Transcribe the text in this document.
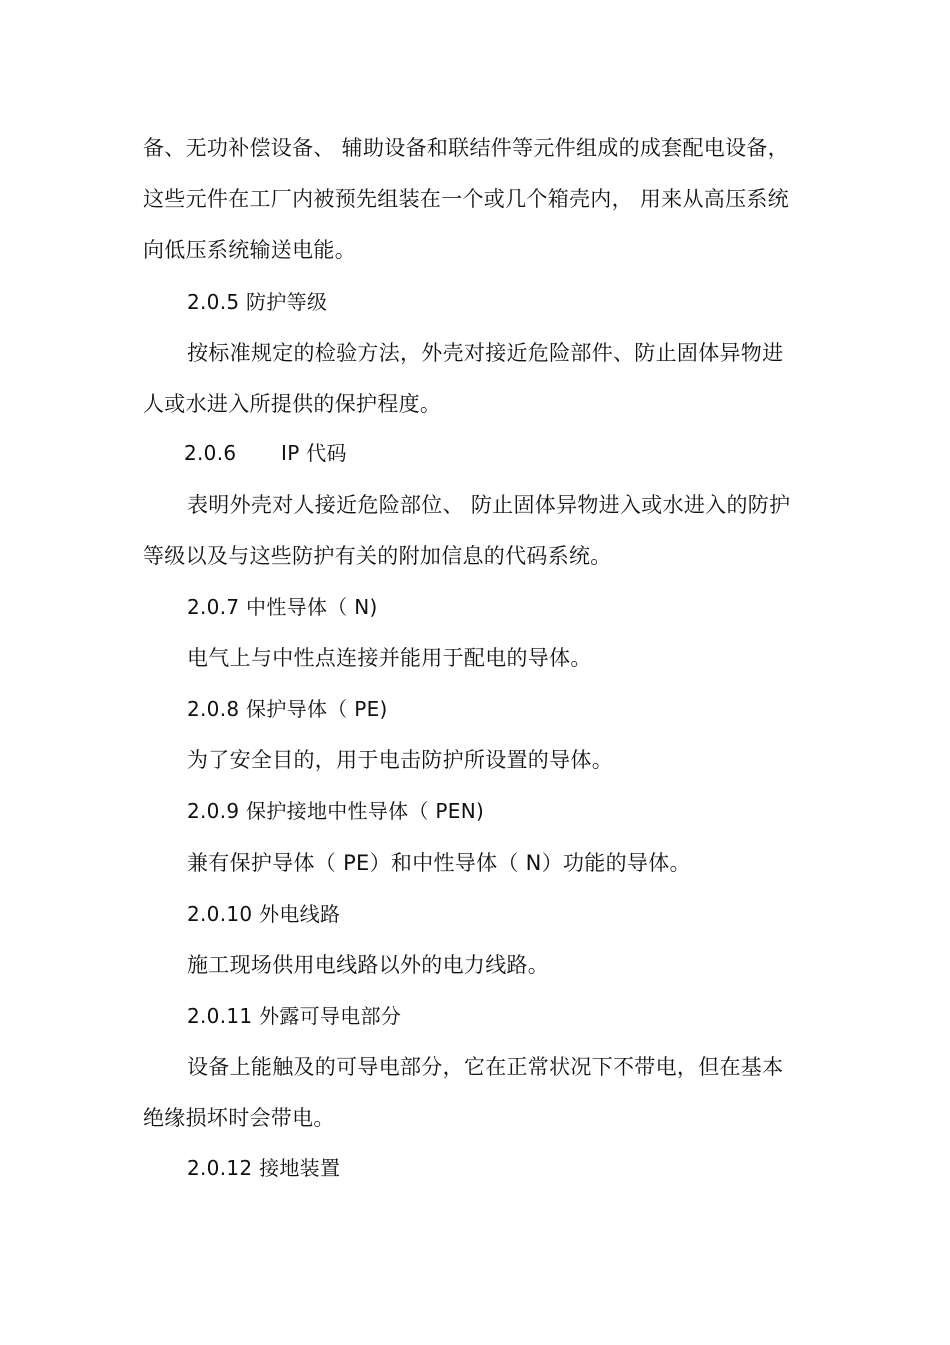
备、无功补偿设备、 辅助设备和联结件等元件组成的成套配电设备，
这些元件在工厂内被预先组装在一个或几个箱壳内， 用来从高压系统
向低压系统输送电能。
2.0.5 防护等级
按标准规定的检验方法，外壳对接近危险部件、防止固体异物进
人或水进入所提供的保护程度。
2.0.6 IP 代码
表明外壳对人接近危险部位、 防止固体异物进入或水进入的防护
等级以及与这些防护有关的附加信息的代码系统。
2.0.7 中性导体（ N)
电气上与中性点连接并能用于配电的导体。
2.0.8 保护导体（ PE)
为了安全目的，用于电击防护所设置的导体。
2.0.9 保护接地中性导体（ PEN)
兼有保护导体（ PE）和中性导体（ N）功能的导体。
2.0.10 外电线路
施工现场供用电线路以外的电力线路。
2.0.11 外露可导电部分
设备上能触及的可导电部分，它在正常状况下不带电，但在基本
绝缘损坏时会带电。
2.0.12 接地装置
